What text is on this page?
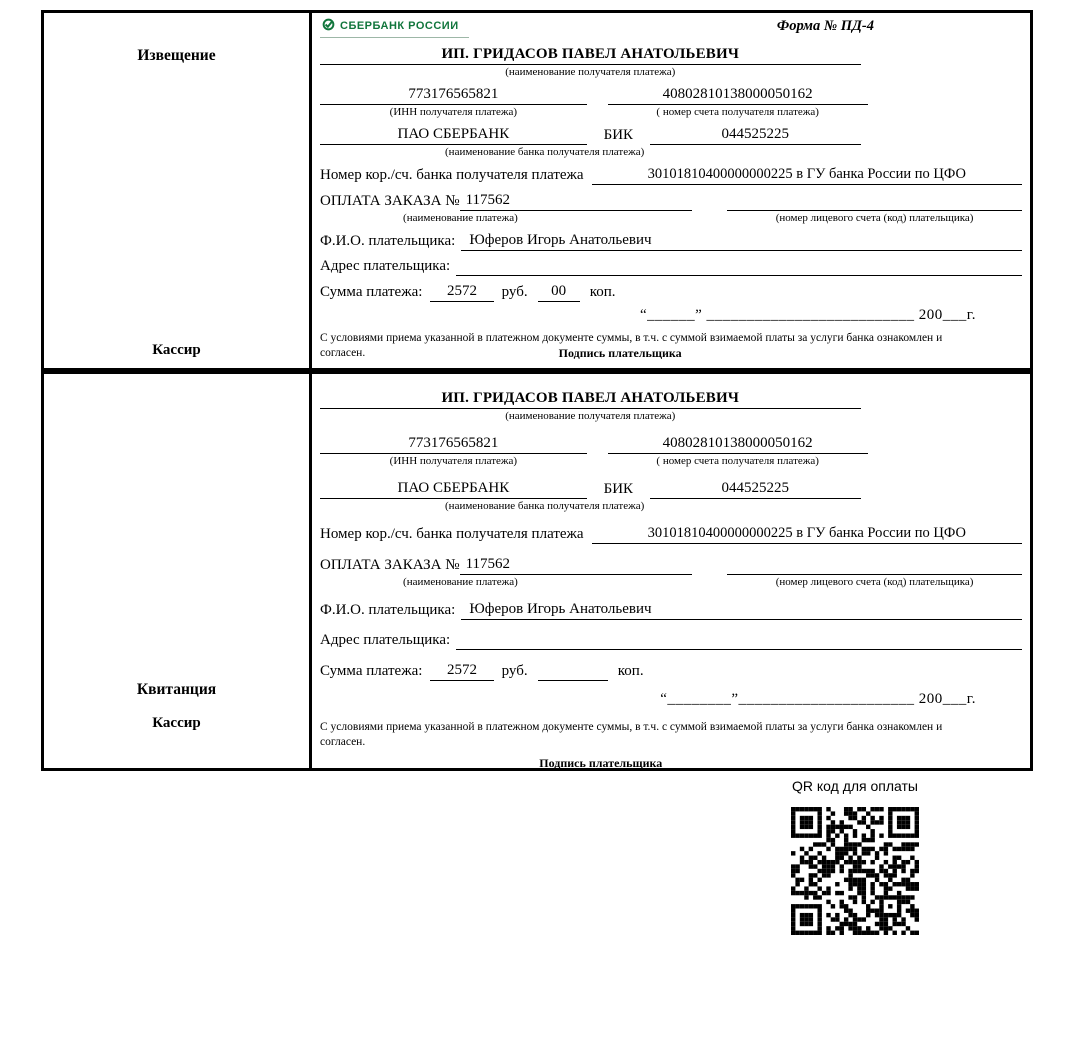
Извещение
Кассир
СБЕРБАНК РОССИИ	Форма № ПД-4
ИП. ГРИДАСОВ ПАВЕЛ АНАТОЛЬЕВИЧ
(наименование получателя платежа)
773176565821	40802810138000050162
(ИНН получателя платежа)	( номер счета получателя платежа)
ПАО СБЕРБАНК	БИК	044525225
(наименование банка получателя платежа)
Номер кор./сч. банка получателя платежа	30101810400000000225 в ГУ банка России по ЦФО
ОПЛАТА ЗАКАЗА № 117562
(наименование платежа)	(номер лицевого счета (код) плательщика)
Ф.И.О. плательщика: Юферов Игорь Анатольевич
Адрес плательщика:
Сумма платежа:	2572	руб.	00	коп.
“______” __________________________ 200___г.
С условиями приема указанной в платежном документе суммы, в т.ч. с суммой взимаемой платы за услуги банка ознакомлен и согласен.	Подпись плательщика
Квитанция
Кассир
ИП. ГРИДАСОВ ПАВЕЛ АНАТОЛЬЕВИЧ
(наименование получателя платежа)
773176565821	40802810138000050162
(ИНН получателя платежа)	( номер счета получателя платежа)
ПАО СБЕРБАНК	БИК	044525225
(наименование банка получателя платежа)
Номер кор./сч. банка получателя платежа	30101810400000000225 в ГУ банка России по ЦФО
ОПЛАТА ЗАКАЗА № 117562
(наименование платежа)	(номер лицевого счета (код) плательщика)
Ф.И.О. плательщика: Юферов Игорь Анатольевич
Адрес плательщика:
Сумма платежа:	2572	руб.	коп.
“________”______________________ 200___г.
С условиями приема указанной в платежном документе суммы, в т.ч. с суммой взимаемой платы за услуги банка ознакомлен и согласен.
Подпись плательщика
QR код для оплаты
